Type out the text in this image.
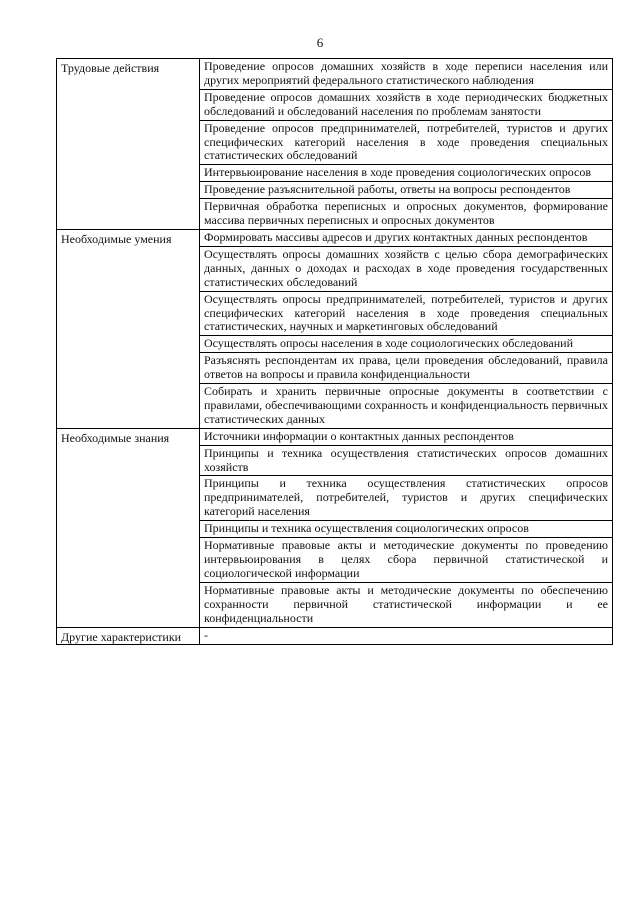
6
Трудовые действия	Проведение опросов домашних хозяйств в ходе переписи населения или других мероприятий федерального статистического наблюдения
	Проведение опросов домашних хозяйств в ходе периодических бюджетных обследований и обследований населения по проблемам занятости
	Проведение опросов предпринимателей, потребителей, туристов и других специфических категорий населения в ходе проведения специальных статистических обследований
	Интервьюирование населения в ходе проведения социологических опросов
	Проведение разъяснительной работы, ответы на вопросы респондентов
	Первичная обработка переписных и опросных документов, формирование массива первичных переписных и опросных документов
Необходимые умения	Формировать массивы адресов и других контактных данных респондентов
	Осуществлять опросы домашних хозяйств с целью сбора демографических данных, данных о доходах и расходах в ходе проведения государственных статистических обследований
	Осуществлять опросы предпринимателей, потребителей, туристов и других специфических категорий населения в ходе проведения специальных статистических, научных и маркетинговых обследований
	Осуществлять опросы населения в ходе социологических обследований
	Разъяснять респондентам их права, цели проведения обследований, правила ответов на вопросы и правила конфиденциальности
	Собирать и хранить первичные опросные документы в соответствии с правилами, обеспечивающими сохранность и конфиденциальность первичных статистических данных
Необходимые знания	Источники информации о контактных данных респондентов
	Принципы и техника осуществления статистических опросов домашних хозяйств
	Принципы и техника осуществления статистических опросов предпринимателей, потребителей, туристов и других специфических категорий населения
	Принципы и техника осуществления социологических опросов
	Нормативные правовые акты и методические документы по проведению интервьюирования в целях сбора первичной статистической и социологической информации
	Нормативные правовые акты и методические документы по обеспечению сохранности первичной статистической информации и ее конфиденциальности
Другие характеристики	-
